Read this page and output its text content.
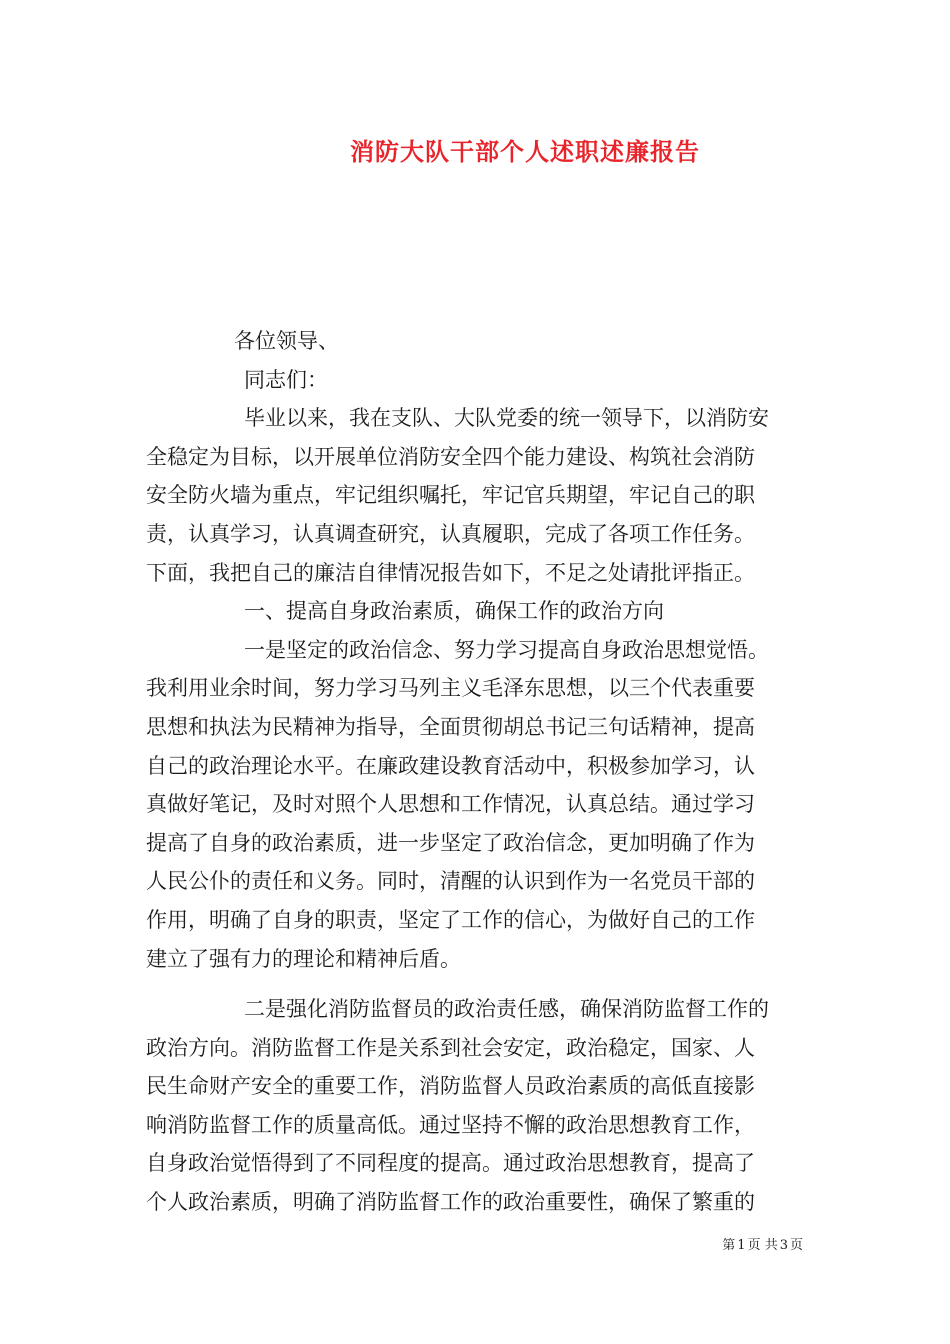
消防大队干部个人述职述廉报告
各位领导、
同志们：
毕业以来，我在支队、大队党委的统一领导下，以消防安
全稳定为目标，以开展单位消防安全四个能力建设、构筑社会消防
安全防火墙为重点，牢记组织嘱托，牢记官兵期望，牢记自己的职
责，认真学习，认真调查研究，认真履职，完成了各项工作任务。
下面，我把自己的廉洁自律情况报告如下，不足之处请批评指正。
一、提高自身政治素质，确保工作的政治方向
一是坚定的政治信念、努力学习提高自身政治思想觉悟。
我利用业余时间，努力学习马列主义毛泽东思想，以三个代表重要
思想和执法为民精神为指导，全面贯彻胡总书记三句话精神，提高
自己的政治理论水平。在廉政建设教育活动中，积极参加学习，认
真做好笔记，及时对照个人思想和工作情况，认真总结。通过学习
提高了自身的政治素质，进一步坚定了政治信念，更加明确了作为
人民公仆的责任和义务。同时，清醒的认识到作为一名党员干部的
作用，明确了自身的职责，坚定了工作的信心，为做好自己的工作
建立了强有力的理论和精神后盾。
二是强化消防监督员的政治责任感，确保消防监督工作的
政治方向。消防监督工作是关系到社会安定，政治稳定，国家、人
民生命财产安全的重要工作，消防监督人员政治素质的高低直接影
响消防监督工作的质量高低。通过坚持不懈的政治思想教育工作，
自身政治觉悟得到了不同程度的提高。通过政治思想教育，提高了
个人政治素质，明确了消防监督工作的政治重要性，确保了繁重的
第 1 页 共 3 页
